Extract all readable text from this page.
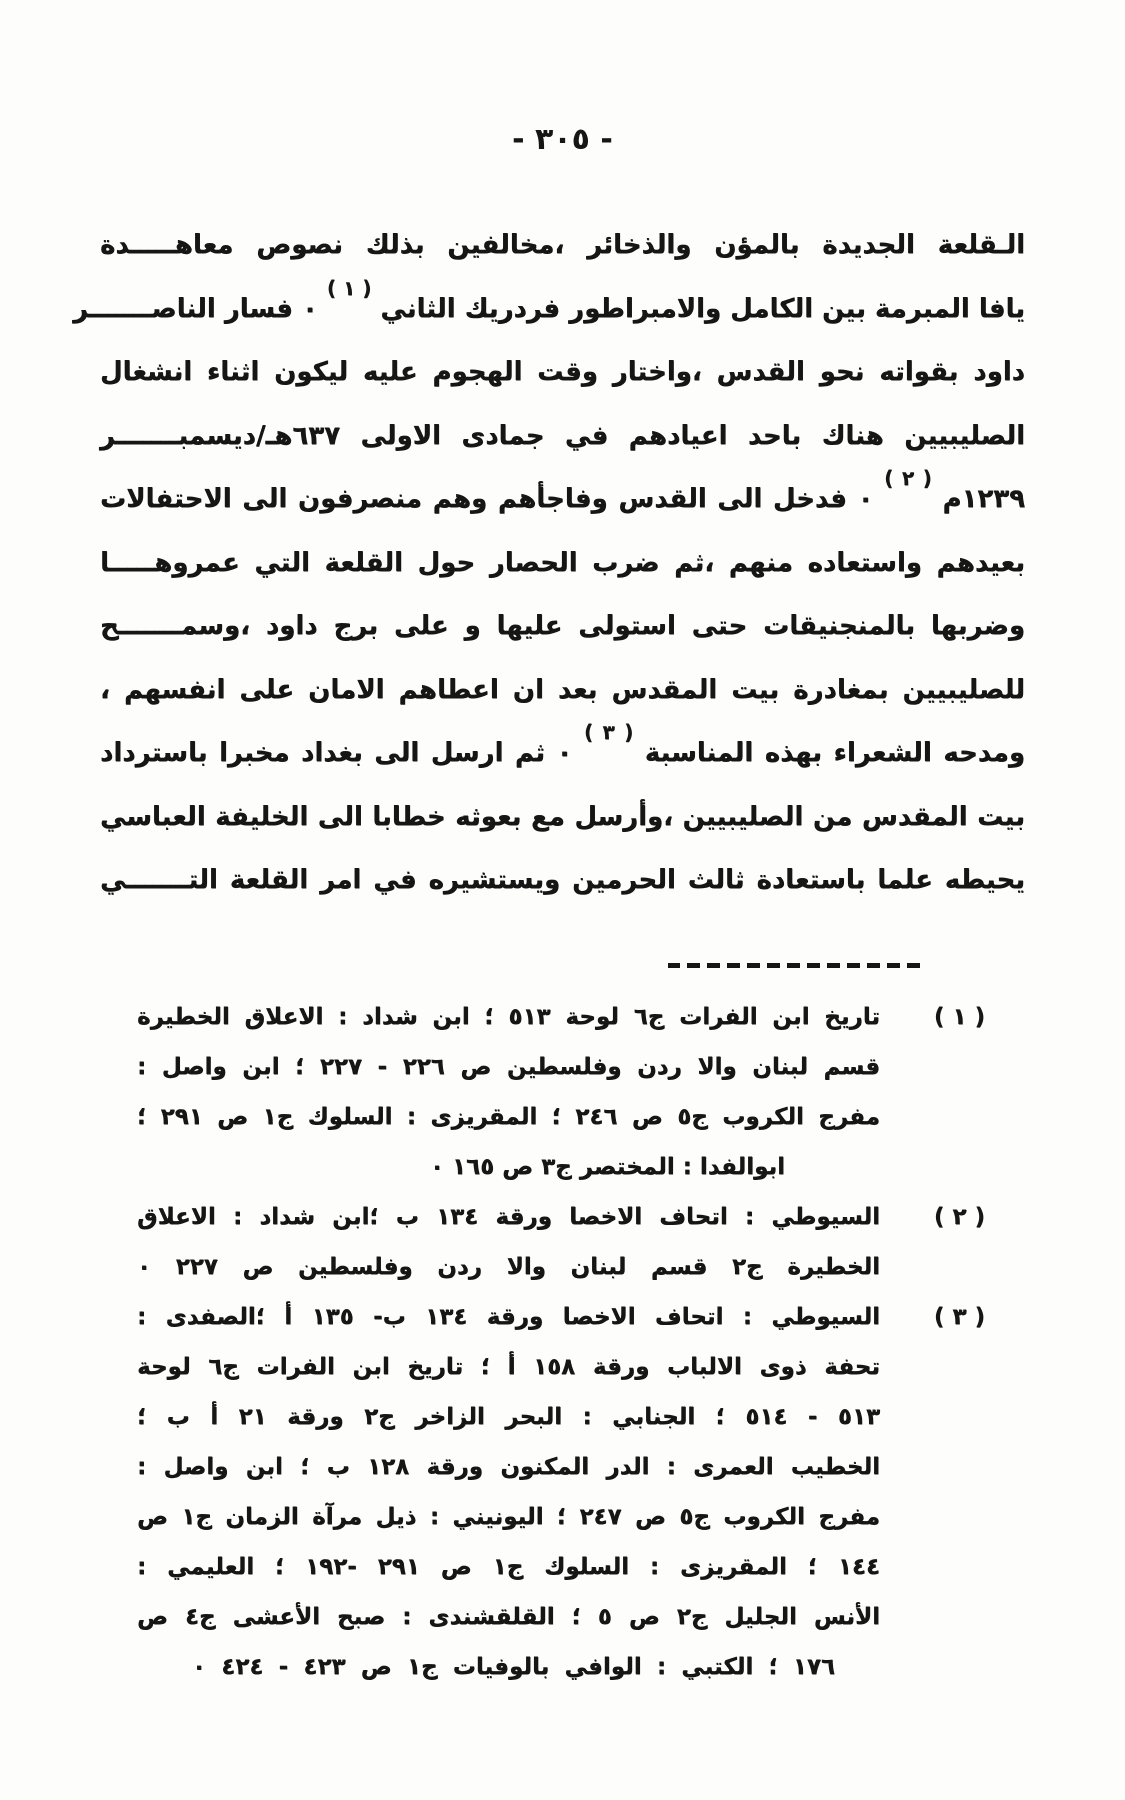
- ٣٠٥ -
الـقلعة الجديدة بالمؤن والذخائر ،مخالفين بذلك نصوص معاهـــــدة
يافا المبرمة بين الكامل والامبراطور فردريك الثاني $^{( ١ )}$ ٠ فسار الناصـــــــر
داود بقواته نحو القدس ،واختار وقت الهجوم عليه ليكون اثناء انشغال
الصليبيين هناك باحد اعيادهم في جمادى الاولى ٦٣٧هـ/ديسمبـــــــر
١٢٣٩م $^{( ٢ )}$ ٠ فدخل الى القدس وفاجأهم وهم منصرفون الى الاحتفالات
بعيدهم واستعاده منهم ،ثم ضرب الحصار حول القلعة التي عمروهـــــا
وضربها بالمنجنيقات حتى استولى عليها و على برج داود ،وسمـــــــح
للصليبيين بمغادرة بيت المقدس بعد ان اعطاهم الامان على انفسهم ،
ومدحه الشعراء بهذه المناسبة $^{( ٣ )}$ ٠ ثم ارسل الى بغداد مخبرا باسترداد
بيت المقدس من الصليبيين ،وأرسل مع بعوثه خطابا الى الخليفة العباسي
يحيطه علما باستعادة ثالث الحرمين ويستشيره في امر القلعة التـــــــي
( ١ )
تاريخ ابن الفرات ج٦ لوحة ٥١٣ ؛ ابن شداد : الاعلاق الخطيرة
قسم لبنان والا ردن وفلسطين ص ٢٢٦ - ٢٢٧ ؛ ابن واصل :
مفرج الكروب ج٥ ص ٢٤٦ ؛ المقريزى : السلوك ج١ ص ٢٩١ ؛
ابوالفدا : المختصر ج٣ ص ١٦٥ ٠
( ٢ )
السيوطي : اتحاف الاخصا ورقة ١٣٤ ب ؛ابن شداد : الاعلاق
الخطيرة ج٢ قسم لبنان والا ردن وفلسطين ص ٢٢٧ ٠
( ٣ )
السيوطي : اتحاف الاخصا ورقة ١٣٤ ب- ١٣٥ أ ؛الصفدى :
تحفة ذوى الالباب ورقة ١٥٨ أ ؛ تاريخ ابن الفرات ج٦ لوحة
٥١٣ - ٥١٤ ؛ الجنابي : البحر الزاخر ج٢ ورقة ٢١ أ ب ؛
الخطيب العمرى : الدر المكنون ورقة ١٢٨ ب ؛ ابن واصل :
مفرج الكروب ج٥ ص ٢٤٧ ؛ اليونيني : ذيل مرآة الزمان ج١ ص
١٤٤ ؛ المقريزى : السلوك ج١ ص ٢٩١ -١٩٢ ؛ العليمي :
الأنس الجليل ج٢ ص ٥ ؛ القلقشندى : صبح الأعشى ج٤ ص
١٧٦ ؛ الكتبي : الوافي بالوفيات ج١ ص ٤٢٣ - ٤٢٤ ٠
